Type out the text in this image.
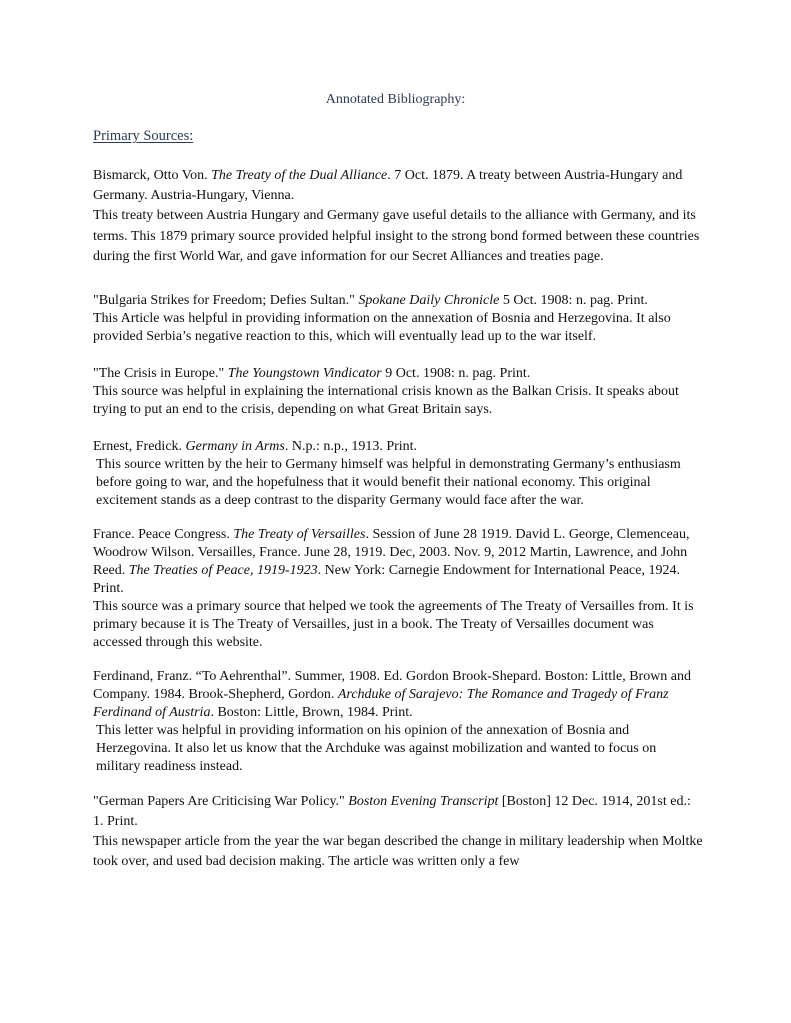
Annotated Bibliography:
Primary Sources:

Bismarck, Otto Von. The Treaty of the Dual Alliance. 7 Oct. 1879. A treaty between Austria-Hungary and Germany. Austria-Hungary, Vienna.

This treaty between Austria Hungary and Germany gave useful details to the alliance with Germany, and its terms. This 1879 primary source provided helpful insight to the strong bond formed between these countries during the first World War, and gave information for our Secret Alliances and treaties page.

"Bulgaria Strikes for Freedom; Defies Sultan." Spokane Daily Chronicle 5 Oct. 1908: n. pag. Print.

This Article was helpful in providing information on the annexation of Bosnia and Herzegovina. It also provided Serbia’s negative reaction to this, which will eventually lead up to the war itself.

"The Crisis in Europe." The Youngstown Vindicator 9 Oct. 1908: n. pag. Print.

This source was helpful in explaining the international crisis known as the Balkan Crisis. It speaks about trying to put an end to the crisis, depending on what Great Britain says.

Ernest, Fredick. Germany in Arms. N.p.: n.p., 1913. Print.

This source written by the heir to Germany himself was helpful in demonstrating Germany’s enthusiasm before going to war, and the hopefulness that it would benefit their national economy. This original excitement stands as a deep contrast to the disparity Germany would face after the war.

France. Peace Congress. The Treaty of Versailles. Session of June 28 1919. David L. George, Clemenceau, Woodrow Wilson. Versailles, France. June 28, 1919. Dec, 2003. Nov. 9, 2012 Martin, Lawrence, and John Reed. The Treaties of Peace, 1919-1923. New York: Carnegie Endowment for International Peace, 1924. Print.

This source was a primary source that helped we took the agreements of The Treaty of Versailles from. It is primary because it is The Treaty of Versailles, just in a book. The Treaty of Versailles document was accessed through this website.

Ferdinand, Franz. “To Aehrenthal”. Summer, 1908. Ed. Gordon Brook-Shepard. Boston: Little, Brown and Company. 1984. Brook-Shepherd, Gordon. Archduke of Sarajevo: The Romance and Tragedy of Franz Ferdinand of Austria. Boston: Little, Brown, 1984. Print.

This letter was helpful in providing information on his opinion of the annexation of Bosnia and Herzegovina. It also let us know that the Archduke was against mobilization and wanted to focus on military readiness instead.

"German Papers Are Criticising War Policy." Boston Evening Transcript [Boston] 12 Dec. 1914, 201st ed.: 1. Print.

This newspaper article from the year the war began described the change in military leadership when Moltke took over, and used bad decision making. The article was written only a few
